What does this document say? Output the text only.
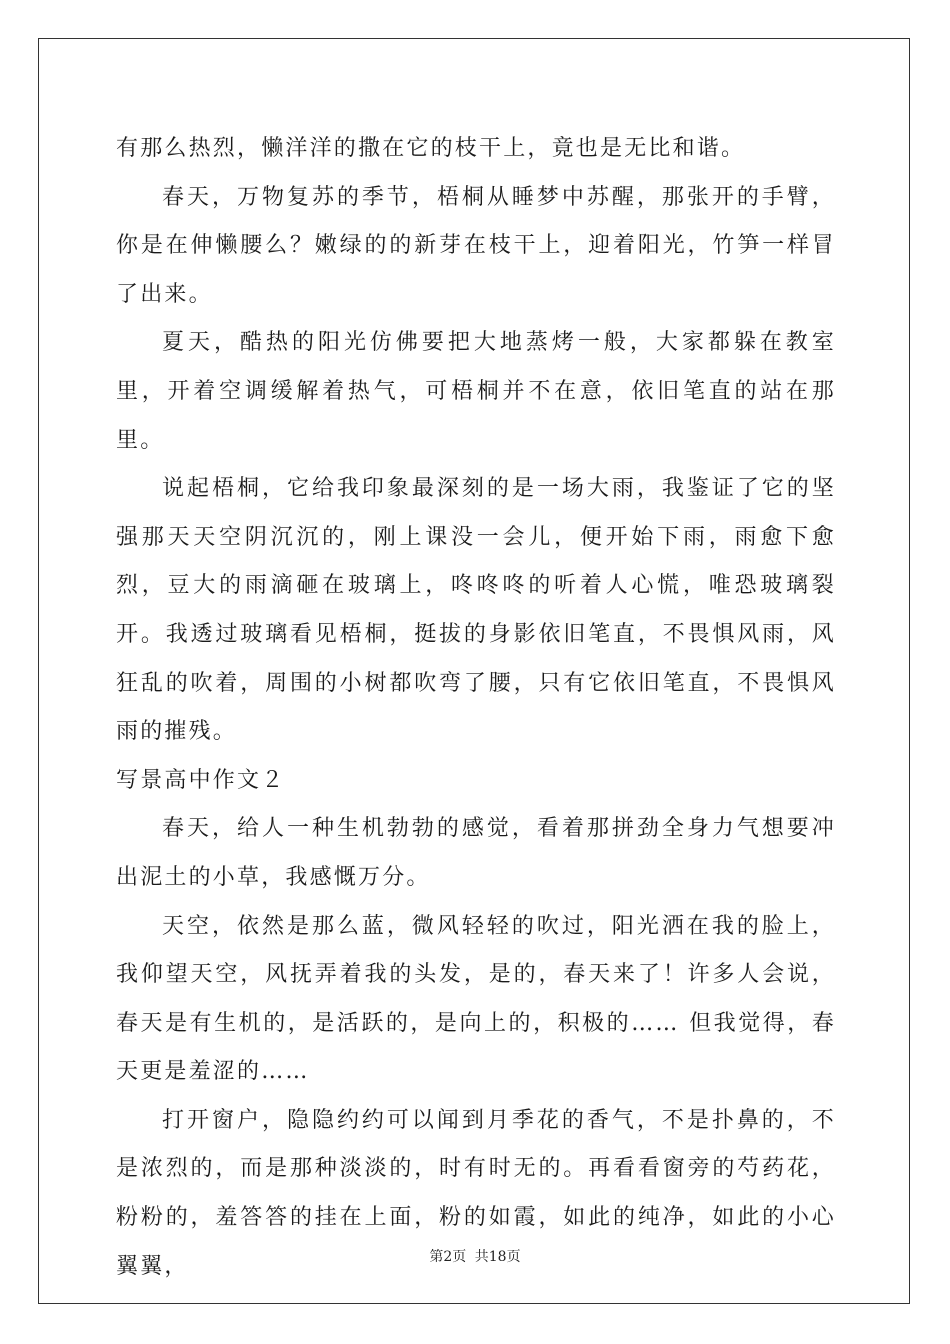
有那么热烈，懒洋洋的撒在它的枝干上，竟也是无比和谐。

春天，万物复苏的季节，梧桐从睡梦中苏醒，那张开的手臂，你是在伸懒腰么？嫩绿的的新芽在枝干上，迎着阳光，竹笋一样冒了出来。

夏天，酷热的阳光仿佛要把大地蒸烤一般，大家都躲在教室里，开着空调缓解着热气，可梧桐并不在意，依旧笔直的站在那里。

说起梧桐，它给我印象最深刻的是一场大雨，我鉴证了它的坚强那天天空阴沉沉的，刚上课没一会儿，便开始下雨，雨愈下愈烈，豆大的雨滴砸在玻璃上，咚咚咚的听着人心慌，唯恐玻璃裂开。我透过玻璃看见梧桐，挺拔的身影依旧笔直，不畏惧风雨，风狂乱的吹着，周围的小树都吹弯了腰，只有它依旧笔直，不畏惧风雨的摧残。

写景高中作文２

春天，给人一种生机勃勃的感觉，看着那拼劲全身力气想要冲出泥土的小草，我感慨万分。

天空，依然是那么蓝，微风轻轻的吹过，阳光洒在我的脸上，我仰望天空，风抚弄着我的头发，是的，春天来了！许多人会说，春天是有生机的，是活跃的，是向上的，积极的…… 但我觉得，春天更是羞涩的……

打开窗户，隐隐约约可以闻到月季花的香气，不是扑鼻的，不是浓烈的，而是那种淡淡的，时有时无的。再看看窗旁的芍药花，粉粉的，羞答答的挂在上面，粉的如霞，如此的纯净，如此的小心翼翼，	第2页 共18页
